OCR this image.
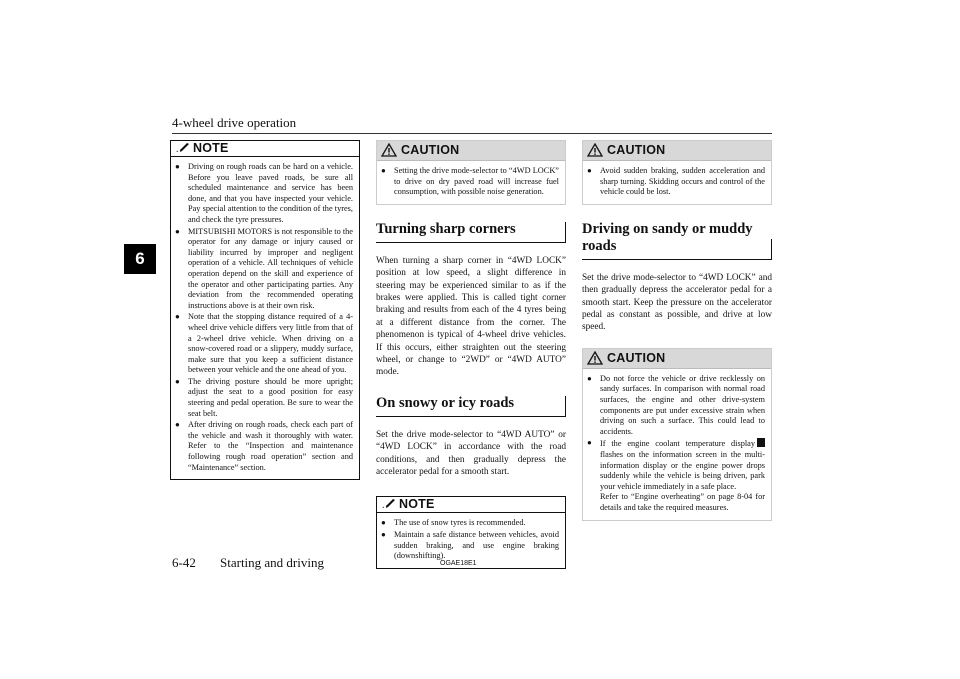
4-wheel drive operation
6
NOTE
● Driving on rough roads can be hard on a vehicle. Before you leave paved roads, be sure all scheduled maintenance and service has been done, and that you have inspected your vehicle. Pay special attention to the condition of the tyres, and check the tyre pressures.
● MITSUBISHI MOTORS is not responsible to the operator for any damage or injury caused or liability incurred by improper and negligent operation of a vehicle. All techniques of vehicle operation depend on the skill and experience of the operator and other participating parties. Any deviation from the recommended operating instructions above is at their own risk.
● Note that the stopping distance required of a 4-wheel drive vehicle differs very little from that of a 2-wheel drive vehicle. When driving on a snow-covered road or a slippery, muddy surface, make sure that you keep a sufficient distance between your vehicle and the one ahead of you.
● The driving posture should be more upright; adjust the seat to a good position for easy steering and pedal operation. Be sure to wear the seat belt.
● After driving on rough roads, check each part of the vehicle and wash it thoroughly with water. Refer to the “Inspection and maintenance following rough road operation” section and “Maintenance” section.
CAUTION
● Setting the drive mode-selector to “4WD LOCK” to drive on dry paved road will increase fuel consumption, with possible noise generation.
Turning sharp corners
When turning a sharp corner in “4WD LOCK” position at low speed, a slight difference in steering may be experienced similar to as if the brakes were applied. This is called tight corner braking and results from each of the 4 tyres being at a different distance from the corner. The phenomenon is typical of 4-wheel drive vehicles. If this occurs, either straighten out the steering wheel, or change to “2WD” or “4WD AUTO” mode.
On snowy or icy roads
Set the drive mode-selector to “4WD AUTO” or “4WD LOCK” in accordance with the road conditions, and then gradually depress the accelerator pedal for a smooth start.
NOTE
● The use of snow tyres is recommended.
● Maintain a safe distance between vehicles, avoid sudden braking, and use engine braking (downshifting).
CAUTION
● Avoid sudden braking, sudden acceleration and sharp turning. Skidding occurs and control of the vehicle could be lost.
Driving on sandy or muddy roads
Set the drive mode-selector to “4WD LOCK” and then gradually depress the accelerator pedal for a smooth start. Keep the pressure on the accelerator pedal as constant as possible, and drive at low speed.
CAUTION
● Do not force the vehicle or drive recklessly on sandy surfaces. In comparison with normal road surfaces, the engine and other drive-system components are put under excessive strain when driving on such a surface. This could lead to accidents.
● If the engine coolant temperature display flashes on the information screen in the multi-information display or the engine power drops suddenly while the vehicle is being driven, park your vehicle immediately in a safe place.
Refer to “Engine overheating” on page 8-04 for details and take the required measures.
6-42 Starting and driving	OGAE18E1
